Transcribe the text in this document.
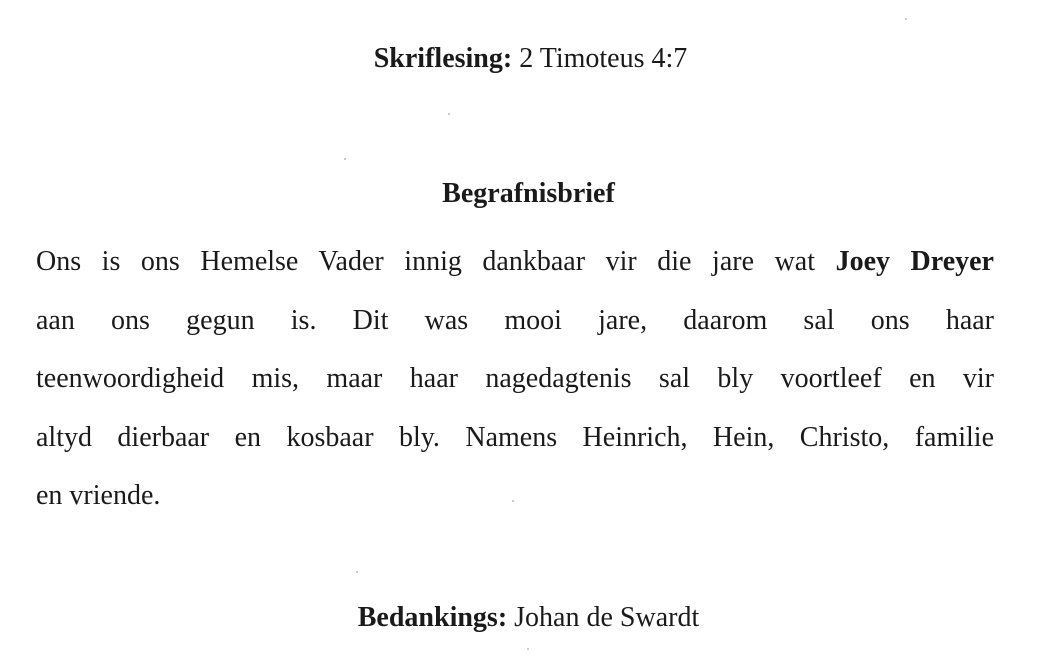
Skriflesing: 2 Timoteus 4:7
Begrafnisbrief
Ons is ons Hemelse Vader innig dankbaar vir die jare wat Joey Dreyer
aan ons gegun is. Dit was mooi jare, daarom sal ons haar
teenwoordigheid mis, maar haar nagedagtenis sal bly voortleef en vir
altyd dierbaar en kosbaar bly. Namens Heinrich, Hein, Christo, familie
en vriende.
Bedankings: Johan de Swardt
